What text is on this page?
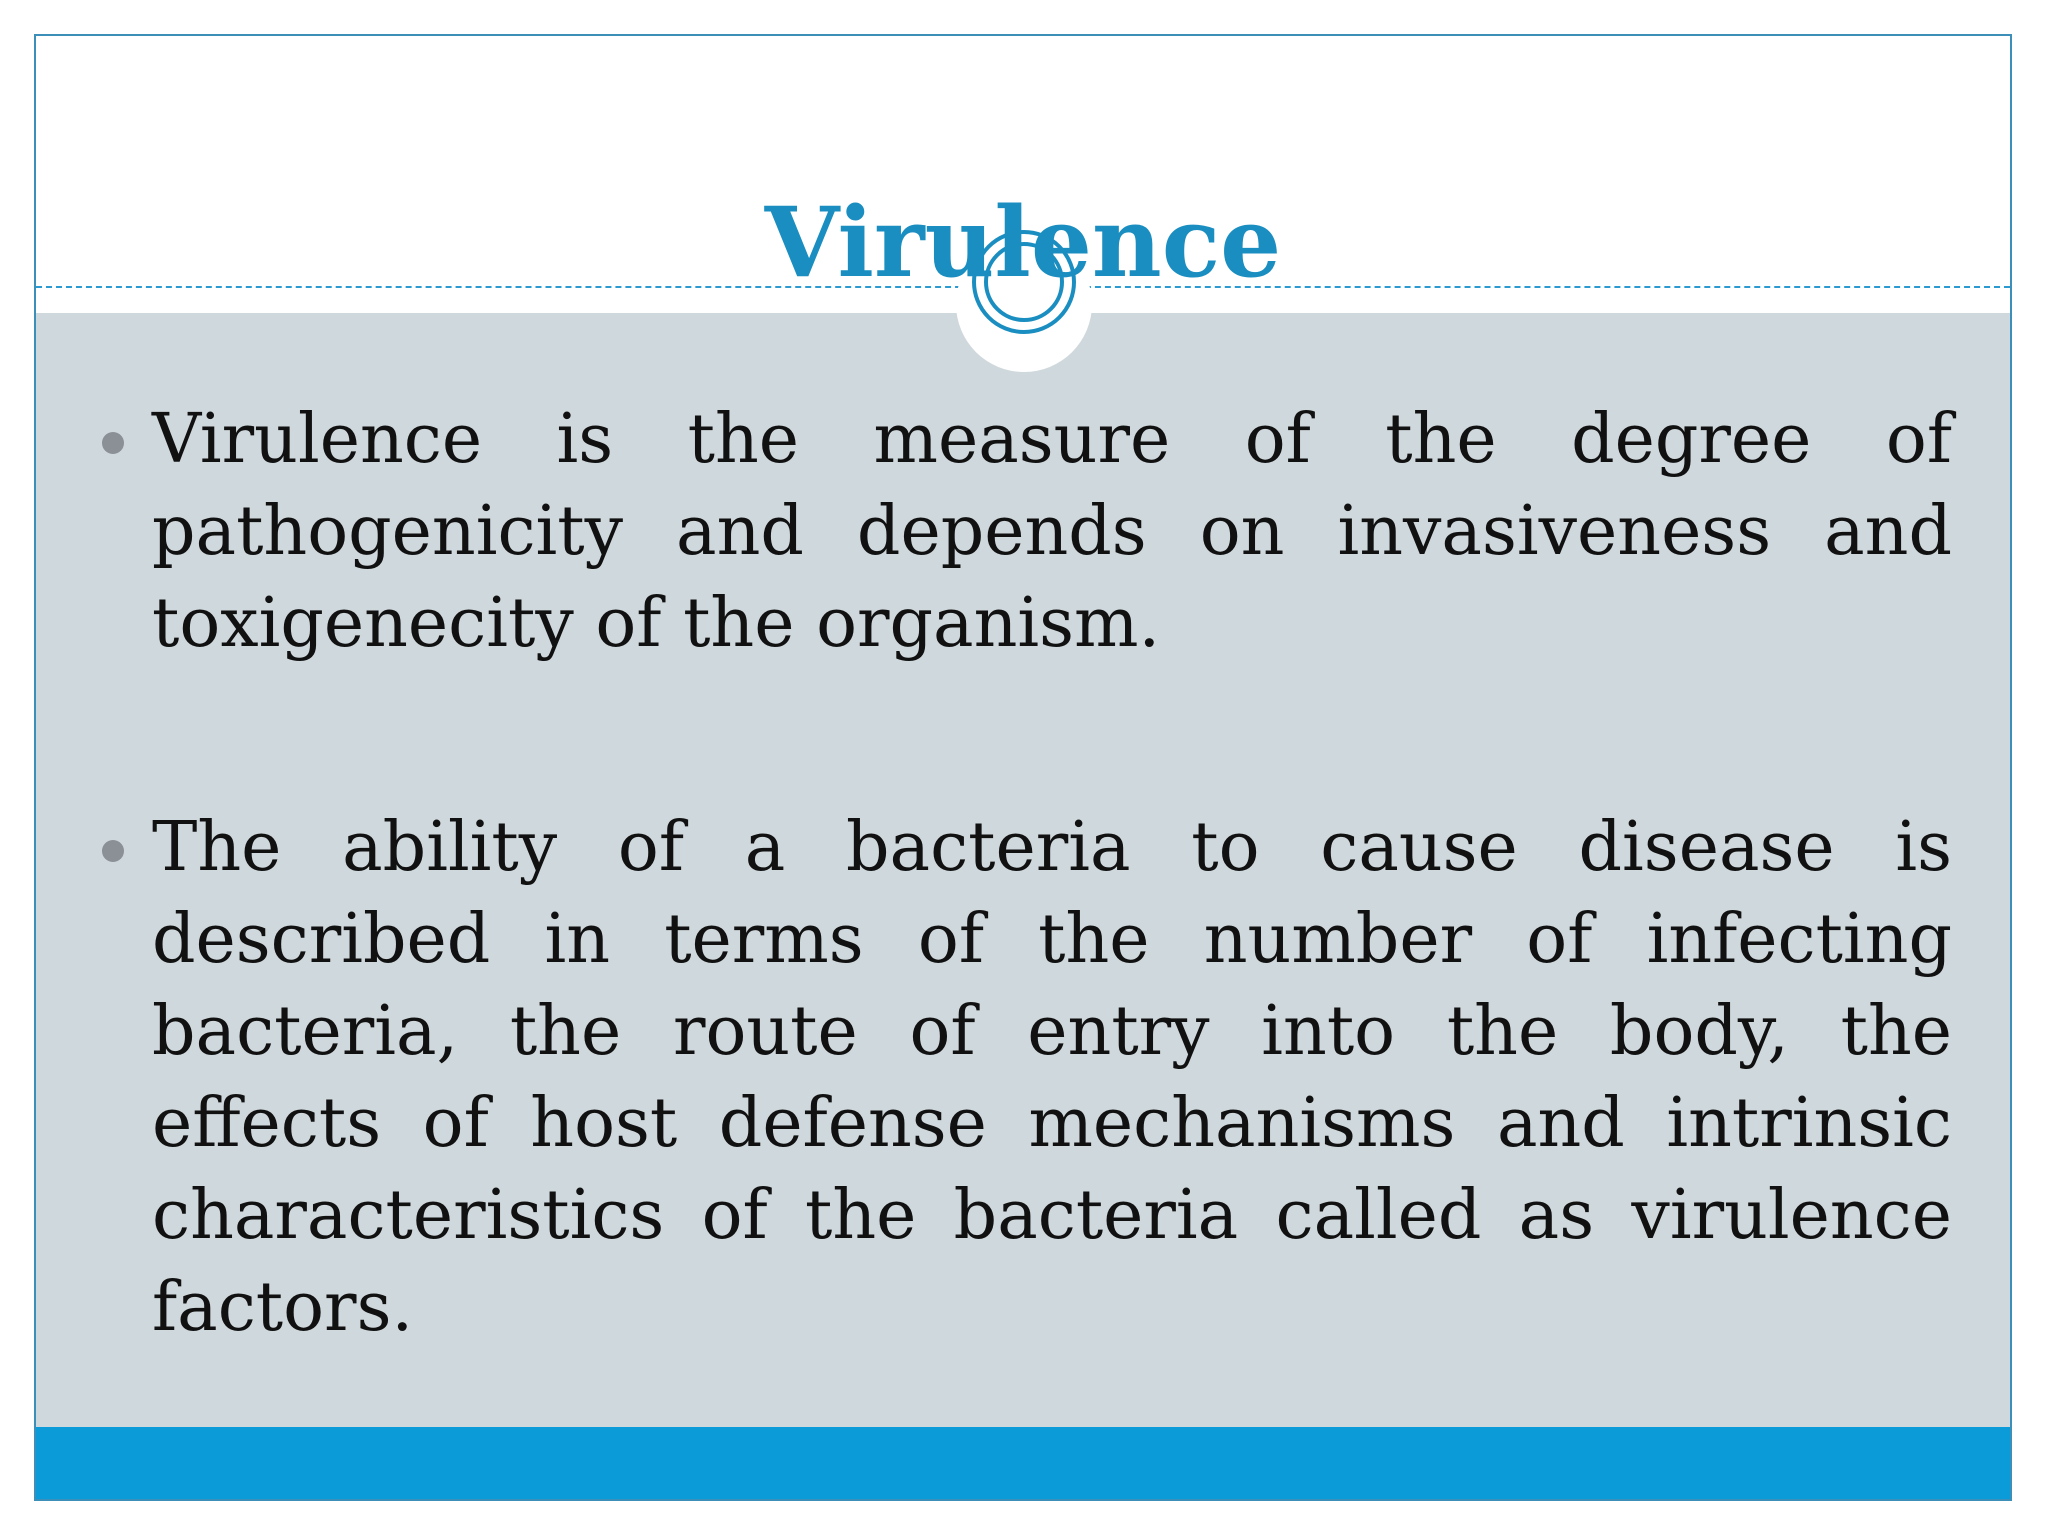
Virulence
Virulence is the measure of the degree of pathogenicity and depends on invasiveness and toxigenecity of the organism.
The ability of a bacteria to cause disease is described in terms of the number of infecting bacteria, the route of entry into the body, the effects of host defense mechanisms and intrinsic characteristics of the bacteria called as virulence factors.
